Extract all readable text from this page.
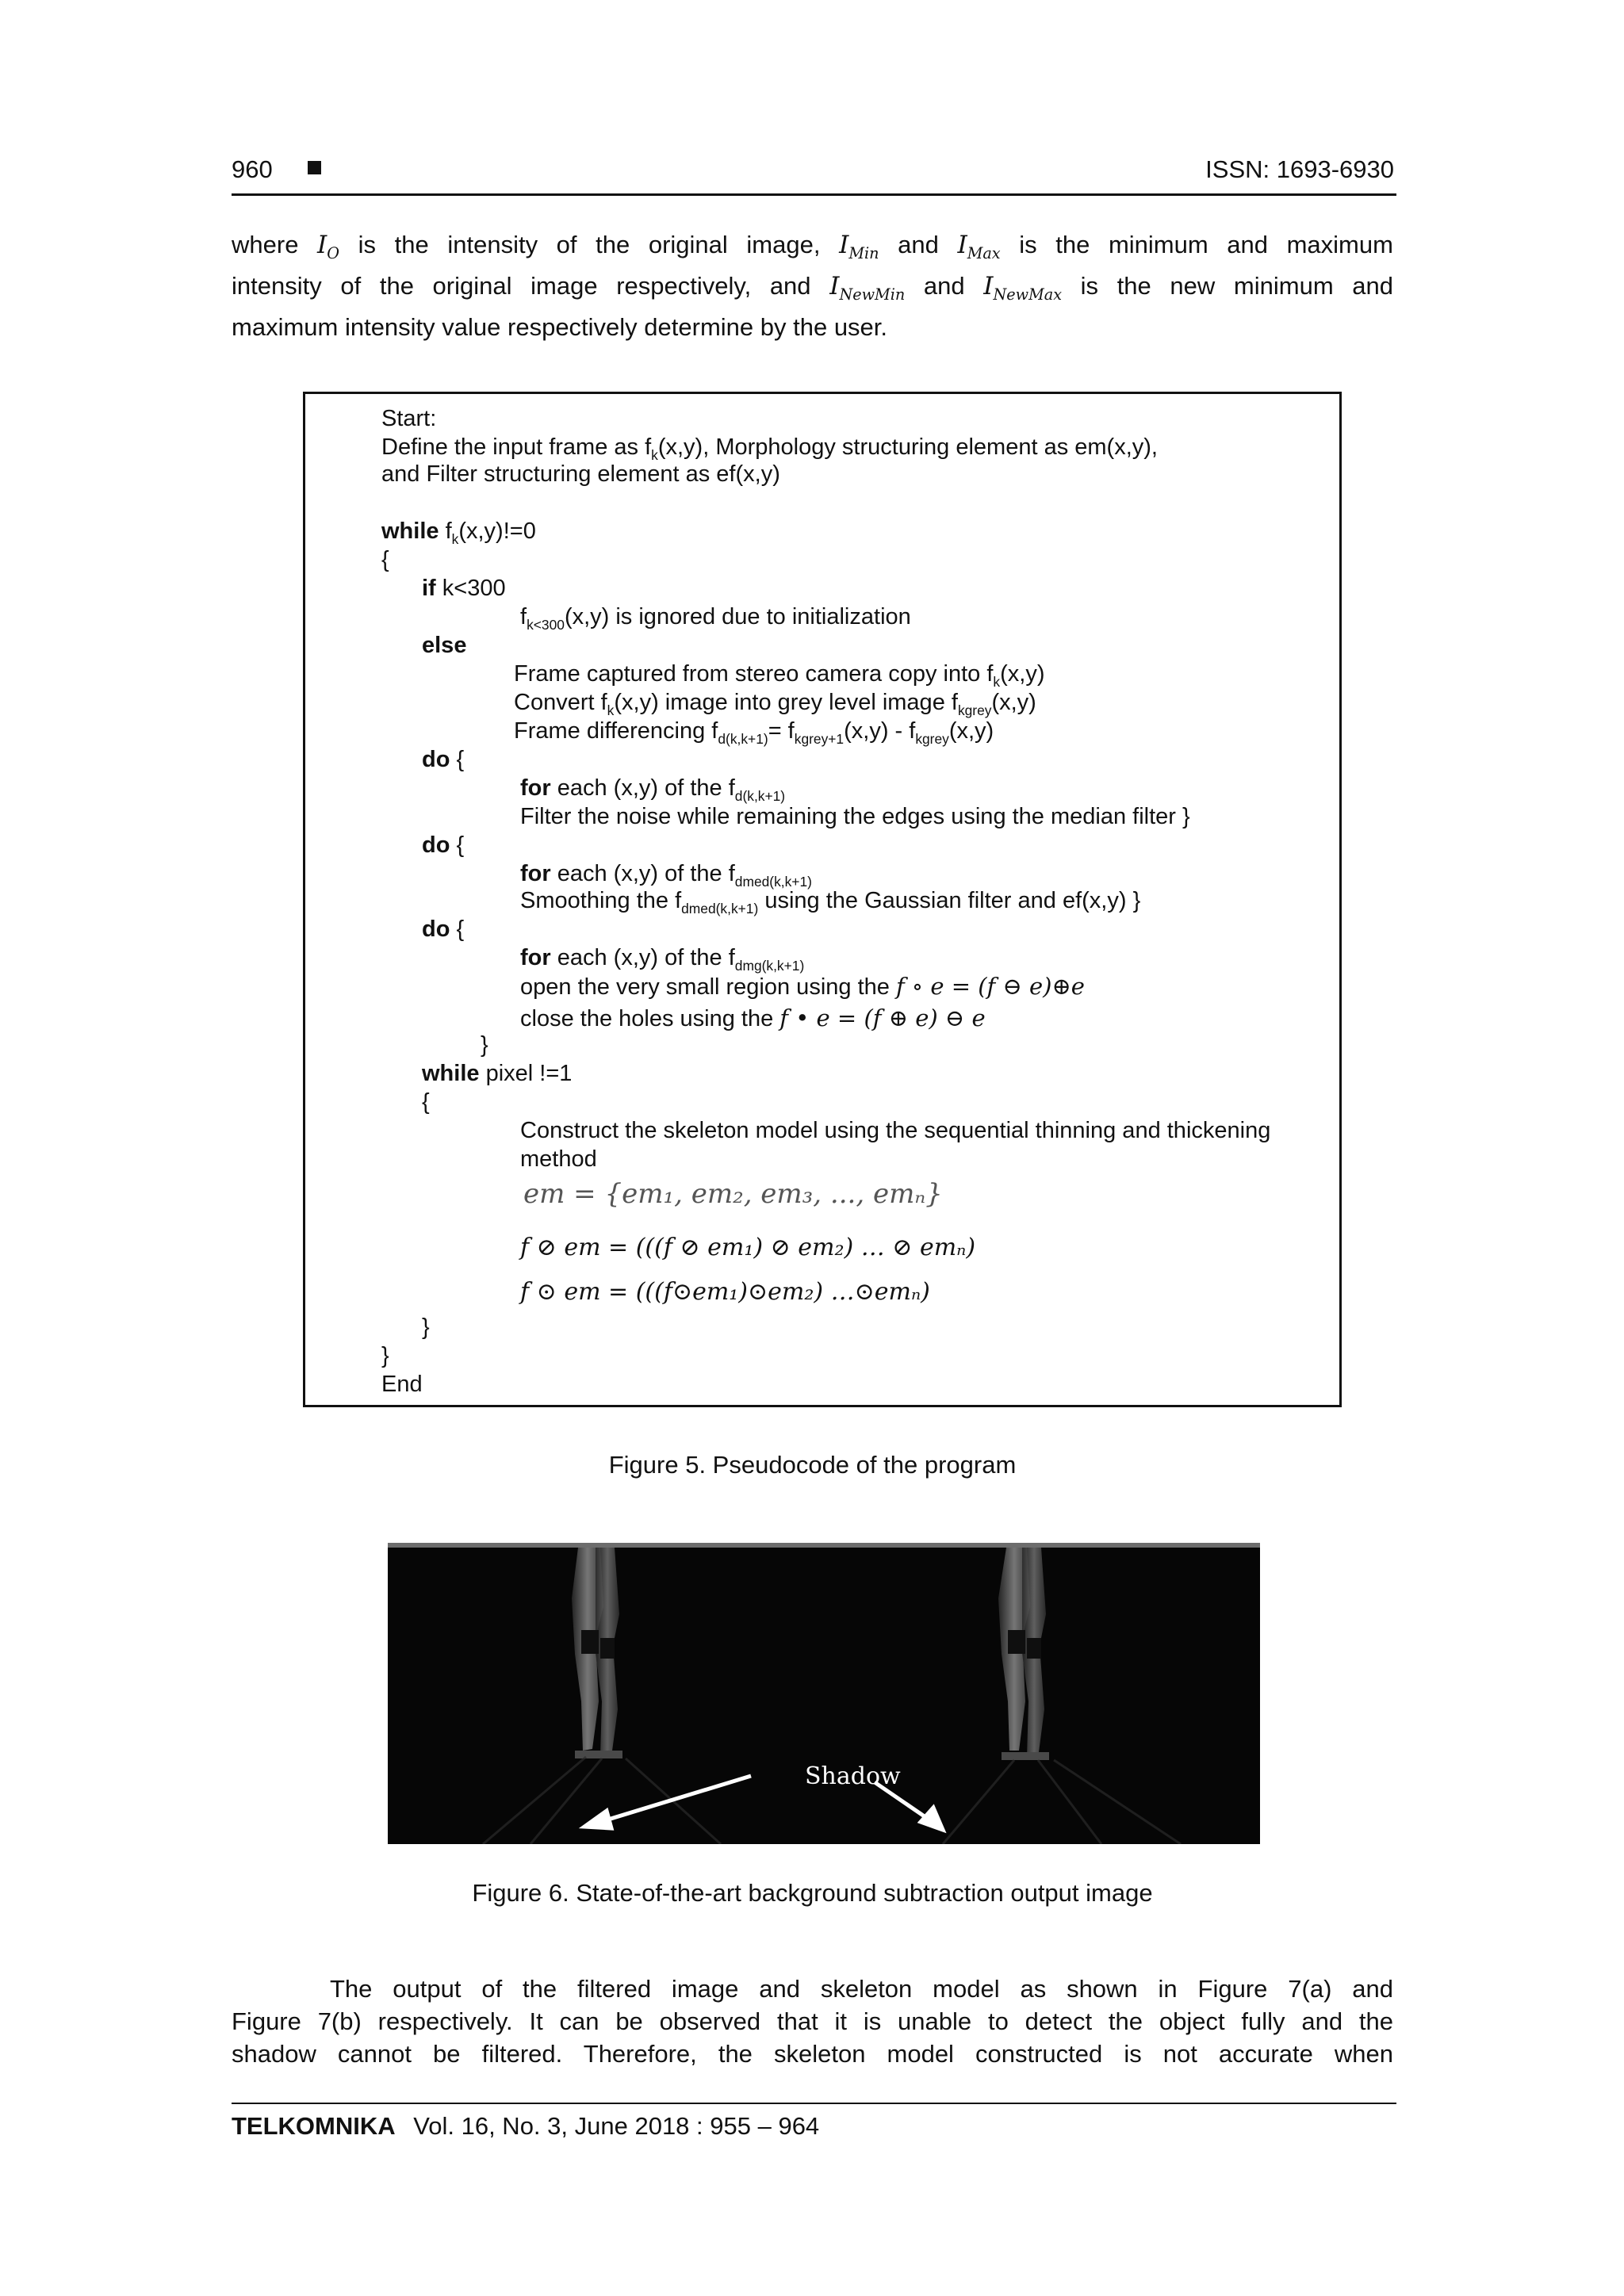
960	ISSN: 1693-6930
where $I_O$ is the intensity of the original image, $I_{Min}$ and $I_{Max}$ is the minimum and maximum
intensity of the original image respectively, and $I_{NewMin}$ and $I_{NewMax}$ is the new minimum and
maximum intensity value respectively determine by the user.
Start:
Define the input frame as $f_k(x,y)$, Morphology structuring element as em(x,y),
and Filter structuring element as ef(x,y)
while $f_k(x,y)!=0$
{
if k<300
$f_{k<300}(x,y)$ is ignored due to initialization
else
Frame captured from stereo camera copy into $f_k(x,y)$
Convert $f_k(x,y)$ image into grey level image $f_{kgrey}(x,y)$
Frame differencing $f_{d(k,k+1)}= f_{kgrey+1}(x,y) - f_{kgrey}(x,y)$
do {
for each (x,y) of the $f_{d(k,k+1)}$
Filter the noise while remaining the edges using the median filter }
do {
for each (x,y) of the $f_{dmed(k,k+1)}$
Smoothing the $f_{dmed(k,k+1)}$ using the Gaussian filter and ef(x,y) }
do {
for each (x,y) of the $f_{dmg(k,k+1)}$
open the very small region using the f ∘ e = (f ⊖ e)⊕e
close the holes using the f • e = (f ⊕ e) ⊖ e
}
while pixel !=1
{
Construct the skeleton model using the sequential thinning and thickening
method
em = {em₁, em₂, em₃, ..., emₙ}
f ⊘ em = (((f ⊘ em₁) ⊘ em₂) … ⊘ emₙ)
f ⊙ em = (((f⊙em₁)⊙em₂) …⊙emₙ)
}
}
End
Figure 5. Pseudocode of the program
Shadow
Figure 6. State-of-the-art background subtraction output image
The output of the filtered image and skeleton model as shown in Figure 7(a) and
Figure 7(b) respectively. It can be observed that it is unable to detect the object fully and the
shadow cannot be filtered. Therefore, the skeleton model constructed is not accurate when
TELKOMNIKA Vol. 16, No. 3, June 2018 : 955 – 964
